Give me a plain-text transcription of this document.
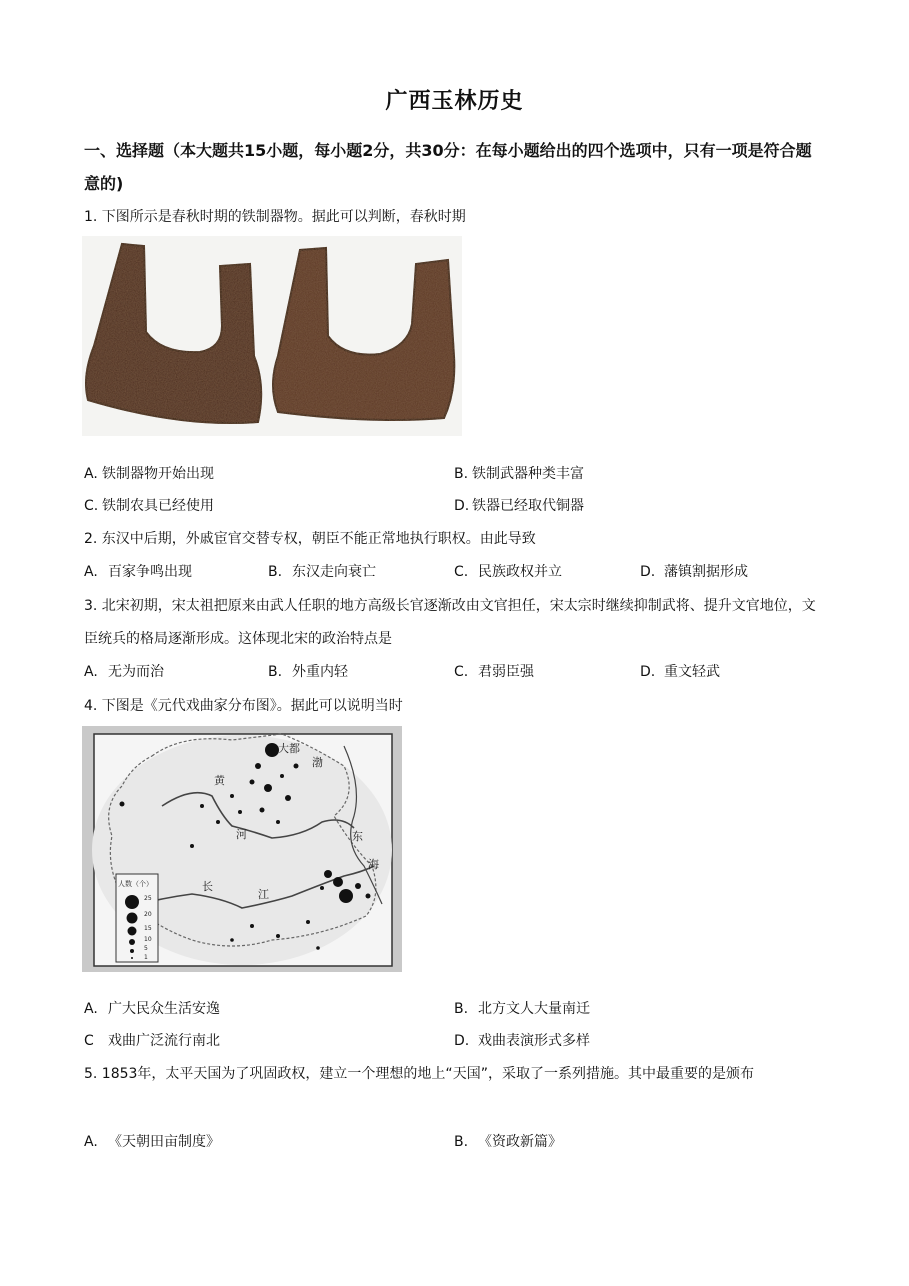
广西玉林历史
一、选择题（本大题共15小题，每小题2分，共30分：在每小题给出的四个选项中，只有一项是符合题意的)
1. 下图所示是春秋时期的铁制器物。据此可以判断，春秋时期
A. 铁制器物开始出现	B. 铁制武器种类丰富
C. 铁制农具已经使用	D. 铁器已经取代铜器
2. 东汉中后期，外戚宦官交替专权，朝臣不能正常地执行职权。由此导致
A. 百家争鸣出现	B. 东汉走向衰亡	C. 民族政权并立	D. 藩镇割据形成
3. 北宋初期，宋太祖把原来由武人任职的地方高级长官逐渐改由文官担任，宋太宗时继续抑制武将、提升文官地位，文臣统兵的格局逐渐形成。这体现北宋的政治特点是
A. 无为而治	B. 外重内轻	C. 君弱臣强	D. 重文轻武
4. 下图是《元代戏曲家分布图》。据此可以说明当时
大都
渤
黄
河	东
海
长
江
人数（个）
25
20
15
10
5
1
A. 广大民众生活安逸	B. 北方文人大量南迁
C 戏曲广泛流行南北	D. 戏曲表演形式多样
5. 1853年，太平天国为了巩固政权，建立一个理想的地上“天国”，采取了一系列措施。其中最重要的是颁布
A. 《天朝田亩制度》	B. 《资政新篇》
